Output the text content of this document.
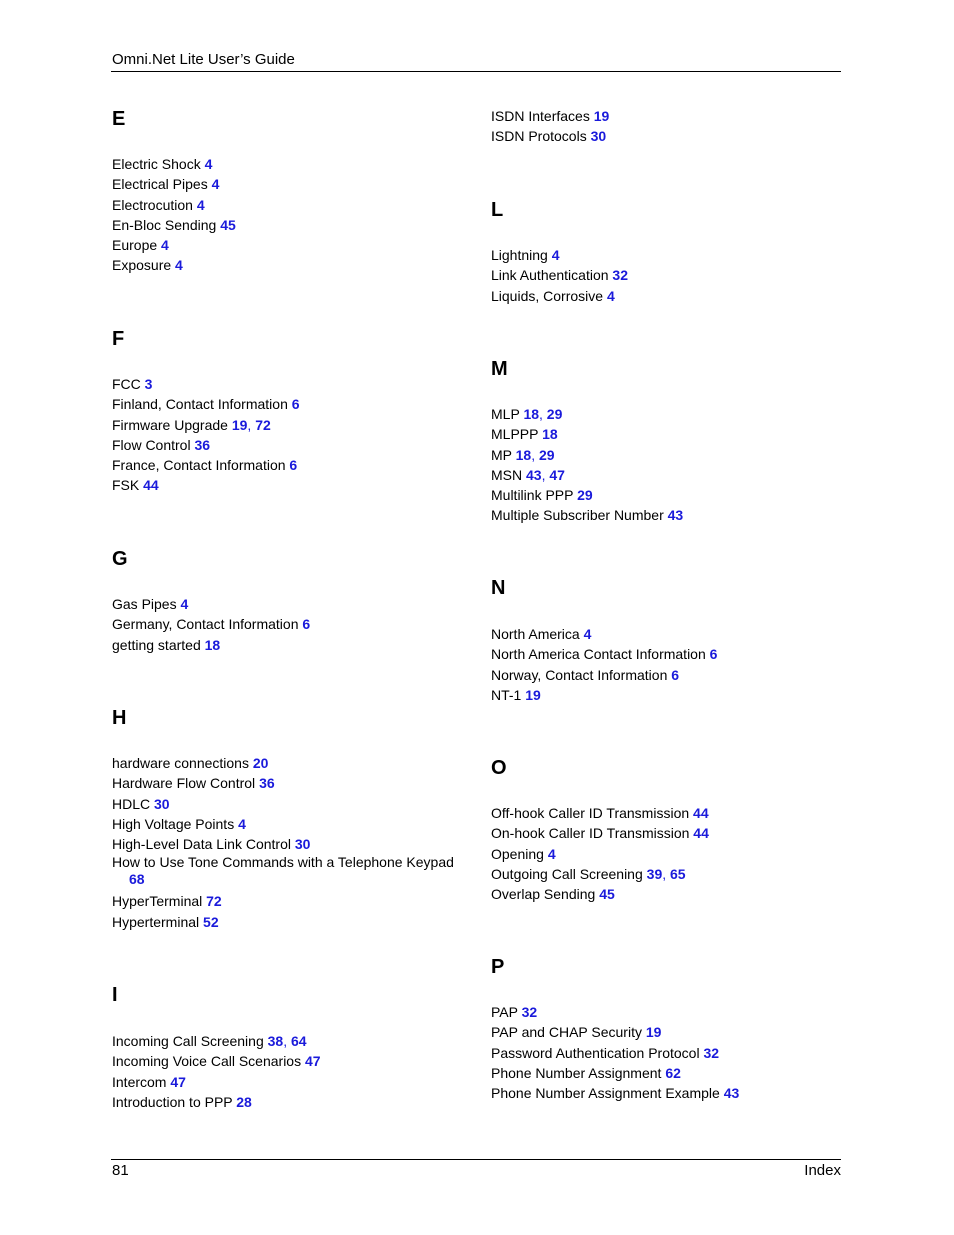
Omni.Net Lite User’s Guide
E
Electric Shock 4
Electrical Pipes 4
Electrocution 4
En-Bloc Sending 45
Europe 4
Exposure 4
F
FCC 3
Finland, Contact Information 6
Firmware Upgrade 19, 72
Flow Control 36
France, Contact Information 6
FSK 44
G
Gas Pipes 4
Germany, Contact Information 6
getting started 18
H
hardware connections 20
Hardware Flow Control 36
HDLC 30
High Voltage Points 4
High-Level Data Link Control 30
How to Use Tone Commands with a Telephone Keypad
68
HyperTerminal 72
Hyperterminal 52
I
Incoming Call Screening 38, 64
Incoming Voice Call Scenarios 47
Intercom 47
Introduction to PPP 28
ISDN Interfaces 19
ISDN Protocols 30
L
Lightning 4
Link Authentication 32
Liquids, Corrosive 4
M
MLP 18, 29
MLPPP 18
MP 18, 29
MSN 43, 47
Multilink PPP 29
Multiple Subscriber Number 43
N
North America 4
North America Contact Information 6
Norway, Contact Information 6
NT-1 19
O
Off-hook Caller ID Transmission 44
On-hook Caller ID Transmission 44
Opening 4
Outgoing Call Screening 39, 65
Overlap Sending 45
P
PAP 32
PAP and CHAP Security 19
Password Authentication Protocol 32
Phone Number Assignment 62
Phone Number Assignment Example 43
81	Index
